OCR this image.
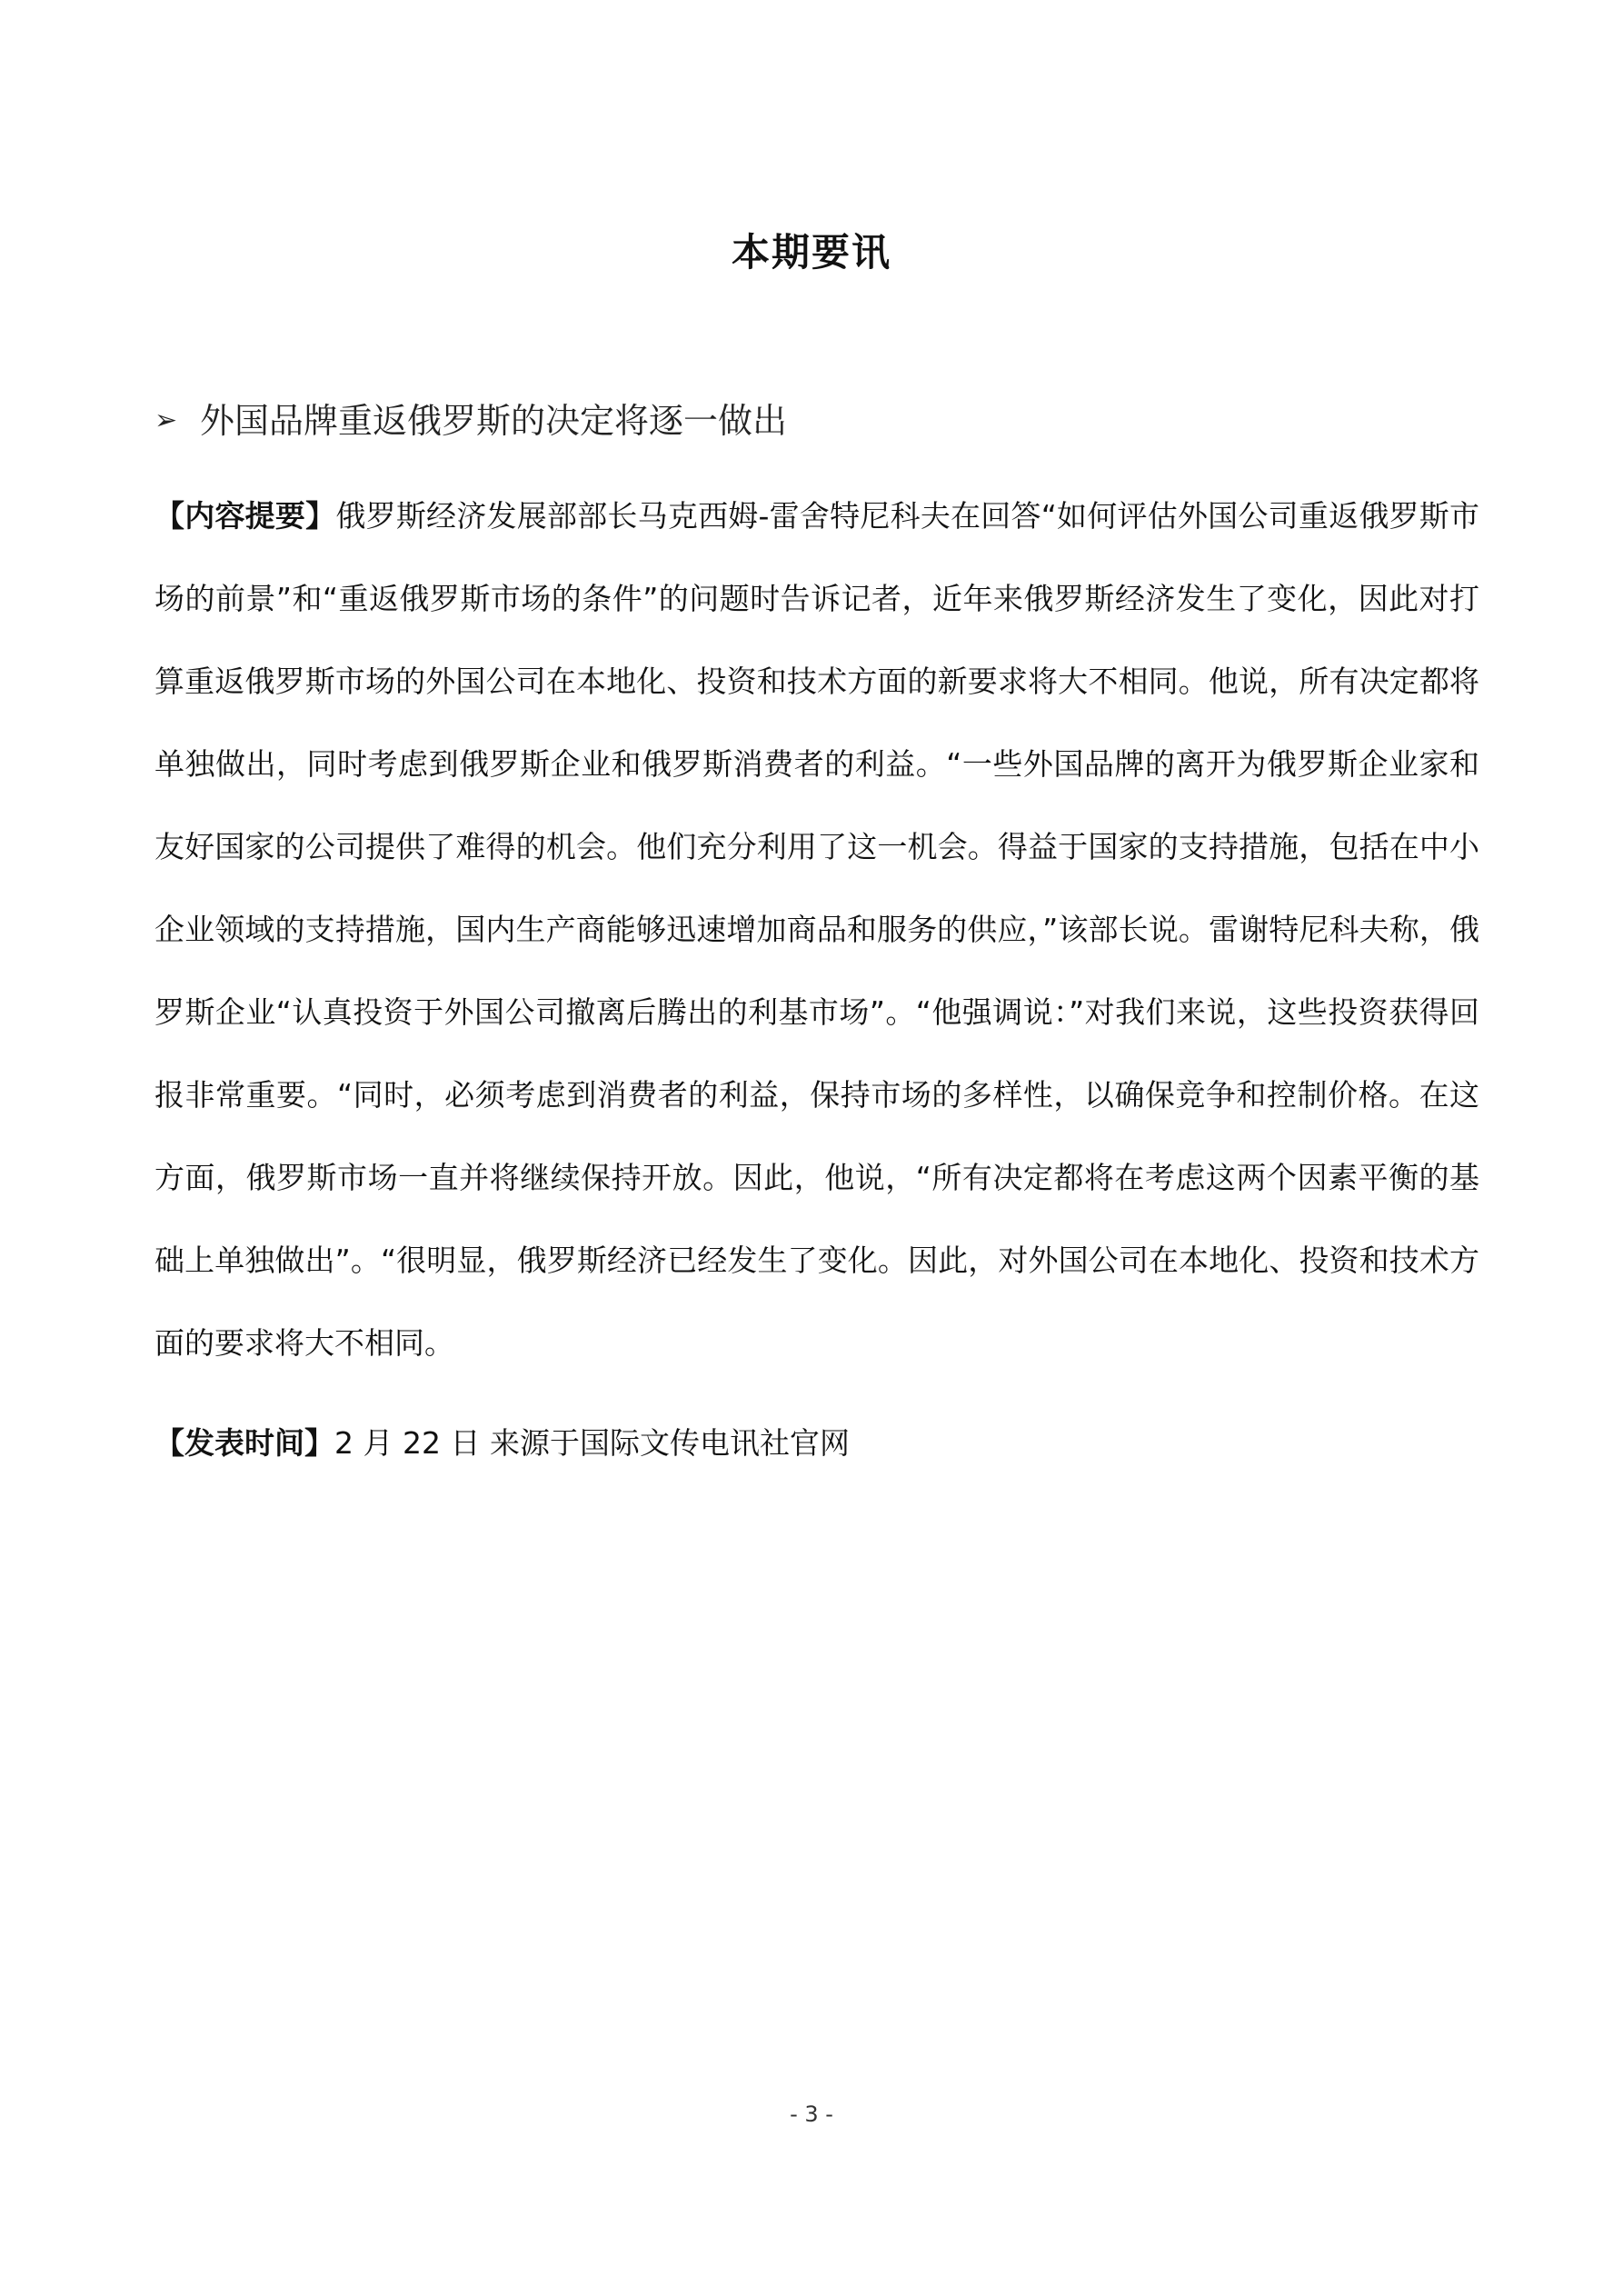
本期要讯
➢ 外国品牌重返俄罗斯的决定将逐一做出

【内容提要】俄罗斯经济发展部部长马克西姆-雷舍特尼科夫在回答“如何评估外国公司重返俄罗斯市场的前景”和“重返俄罗斯市场的条件”的问题时告诉记者，近年来俄罗斯经济发生了变化，因此对打算重返俄罗斯市场的外国公司在本地化、投资和技术方面的新要求将大不相同。他说，所有决定都将单独做出，同时考虑到俄罗斯企业和俄罗斯消费者的利益。“一些外国品牌的离开为俄罗斯企业家和友好国家的公司提供了难得的机会。他们充分利用了这一机会。得益于国家的支持措施，包括在中小企业领域的支持措施，国内生产商能够迅速增加商品和服务的供应，”该部长说。雷谢特尼科夫称，俄罗斯企业“认真投资于外国公司撤离后腾出的利基市场”。“他强调说：”对我们来说，这些投资获得回报非常重要。“同时，必须考虑到消费者的利益，保持市场的多样性，以确保竞争和控制价格。在这方面，俄罗斯市场一直并将继续保持开放。因此，他说，“所有决定都将在考虑这两个因素平衡的基础上单独做出”。“很明显，俄罗斯经济已经发生了变化。因此，对外国公司在本地化、投资和技术方面的要求将大不相同。

【发表时间】2 月 22 日 来源于国际文传电讯社官网

- 3 -
